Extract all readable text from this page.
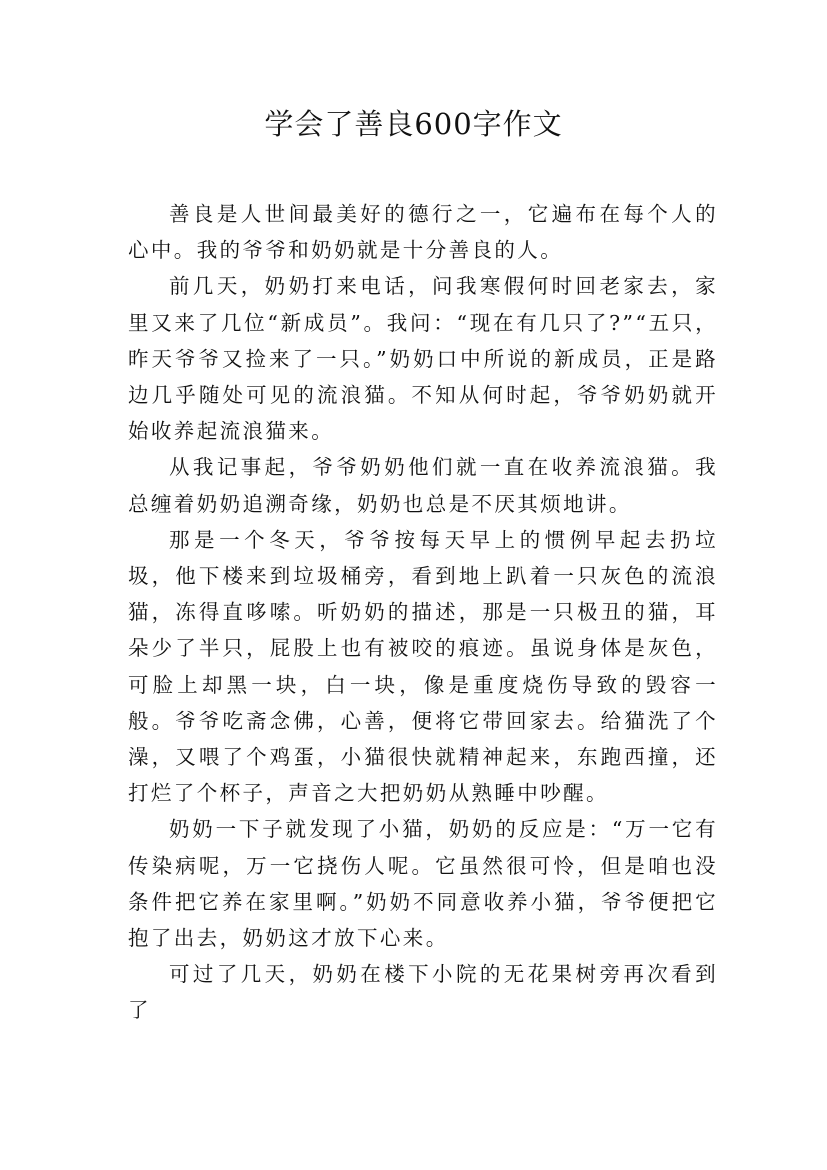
学会了善良600字作文

善良是人世间最美好的德行之一，它遍布在每个人的心中。我的爷爷和奶奶就是十分善良的人。

前几天，奶奶打来电话，问我寒假何时回老家去，家里又来了几位“新成员”。我问：“现在有几只了?”“五只，昨天爷爷又捡来了一只。”奶奶口中所说的新成员，正是路边几乎随处可见的流浪猫。不知从何时起，爷爷奶奶就开始收养起流浪猫来。

从我记事起，爷爷奶奶他们就一直在收养流浪猫。我总缠着奶奶追溯奇缘，奶奶也总是不厌其烦地讲。

那是一个冬天，爷爷按每天早上的惯例早起去扔垃圾，他下楼来到垃圾桶旁，看到地上趴着一只灰色的流浪猫，冻得直哆嗦。听奶奶的描述，那是一只极丑的猫，耳朵少了半只，屁股上也有被咬的痕迹。虽说身体是灰色，可脸上却黑一块，白一块，像是重度烧伤导致的毁容一般。爷爷吃斋念佛，心善，便将它带回家去。给猫洗了个澡，又喂了个鸡蛋，小猫很快就精神起来，东跑西撞，还打烂了个杯子，声音之大把奶奶从熟睡中吵醒。

奶奶一下子就发现了小猫，奶奶的反应是：“万一它有传染病呢，万一它挠伤人呢。它虽然很可怜，但是咱也没条件把它养在家里啊。”奶奶不同意收养小猫，爷爷便把它抱了出去，奶奶这才放下心来。

可过了几天，奶奶在楼下小院的无花果树旁再次看到了
